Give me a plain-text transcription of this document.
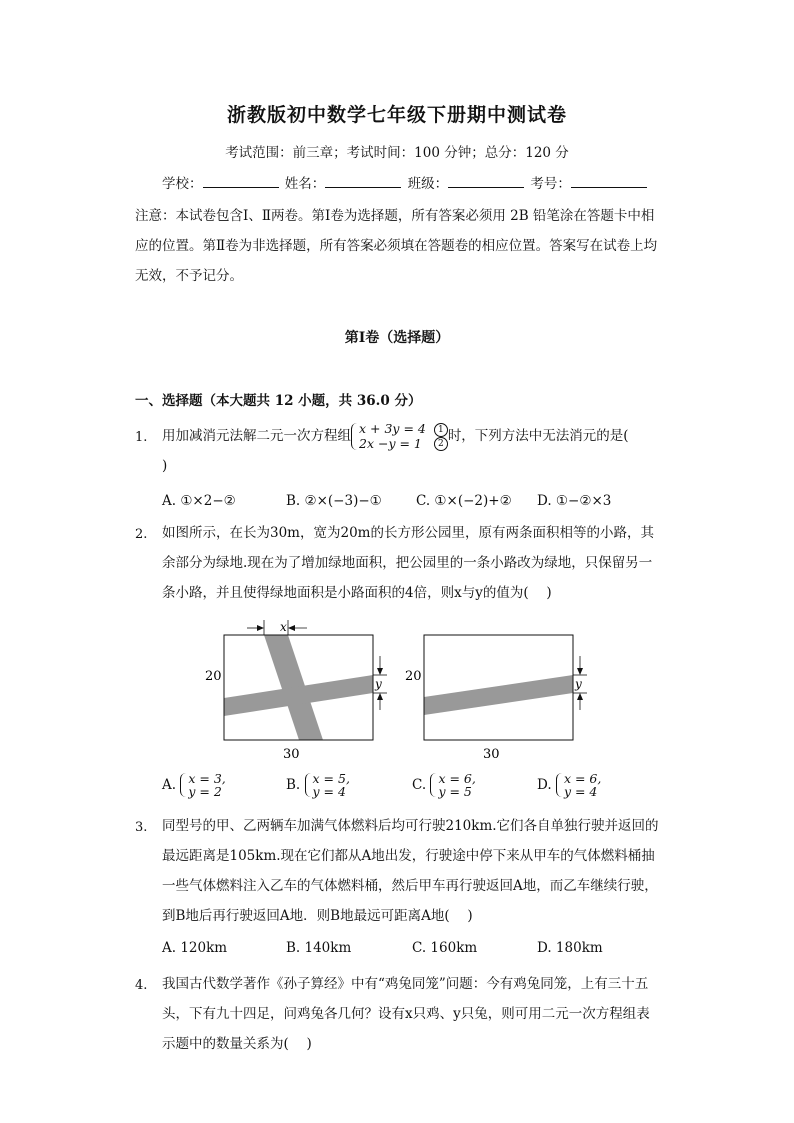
浙教版初中数学七年级下册期中测试卷
考试范围：前三章；考试时间：100 分钟；总分：120 分
学校：	姓名：	班级：	考号：
注意：本试卷包含Ⅰ、Ⅱ两卷。第Ⅰ卷为选择题，所有答案必须用 2B 铅笔涂在答题卡中相应的位置。第Ⅱ卷为非选择题，所有答案必须填在答题卷的相应位置。答案写在试卷上均无效，不予记分。
第Ⅰ卷（选择题）
一、选择题（本大题共 12 小题，共 36.0 分）
1. 用加减消元法解二元一次方程组 x + 3y = 4 1
2x −y = 1 2 时，下列方法中无法消元的是(
)
A. ①×2−②	B. ②×(−3)−①	C. ①×(−2)+② D. ①−②×3
2. 如图所示，在长为30m，宽为20m的长方形公园里，原有两条面积相等的小路，其余部分为绿地.现在为了增加绿地面积，把公园里的一条小路改为绿地，只保留另一条小路，并且使得绿地面积是小路面积的4倍，则x与y的值为(　 )
20
30
x
y 20
30
y
A. x = 3,
y = 2	B. x = 5,
y = 4	C. x = 6,
y = 5	D. x = 6,
y = 4
3. 同型号的甲、乙两辆车加满气体燃料后均可行驶210km.它们各自单独行驶并返回的最远距离是105km.现在它们都从A地出发，行驶途中停下来从甲车的气体燃料桶抽一些气体燃料注入乙车的气体燃料桶，然后甲车再行驶返回A地，而乙车继续行驶，到B地后再行驶返回A地．则B地最远可距离A地(　 )
A. 120km	B. 140km	C. 160km	D. 180km
4. 我国古代数学著作《孙子算经》中有“鸡兔同笼”问题：今有鸡兔同笼，上有三十五头，下有九十四足，问鸡兔各几何？设有x只鸡、y只兔，则可用二元一次方程组表示题中的数量关系为(　 )
